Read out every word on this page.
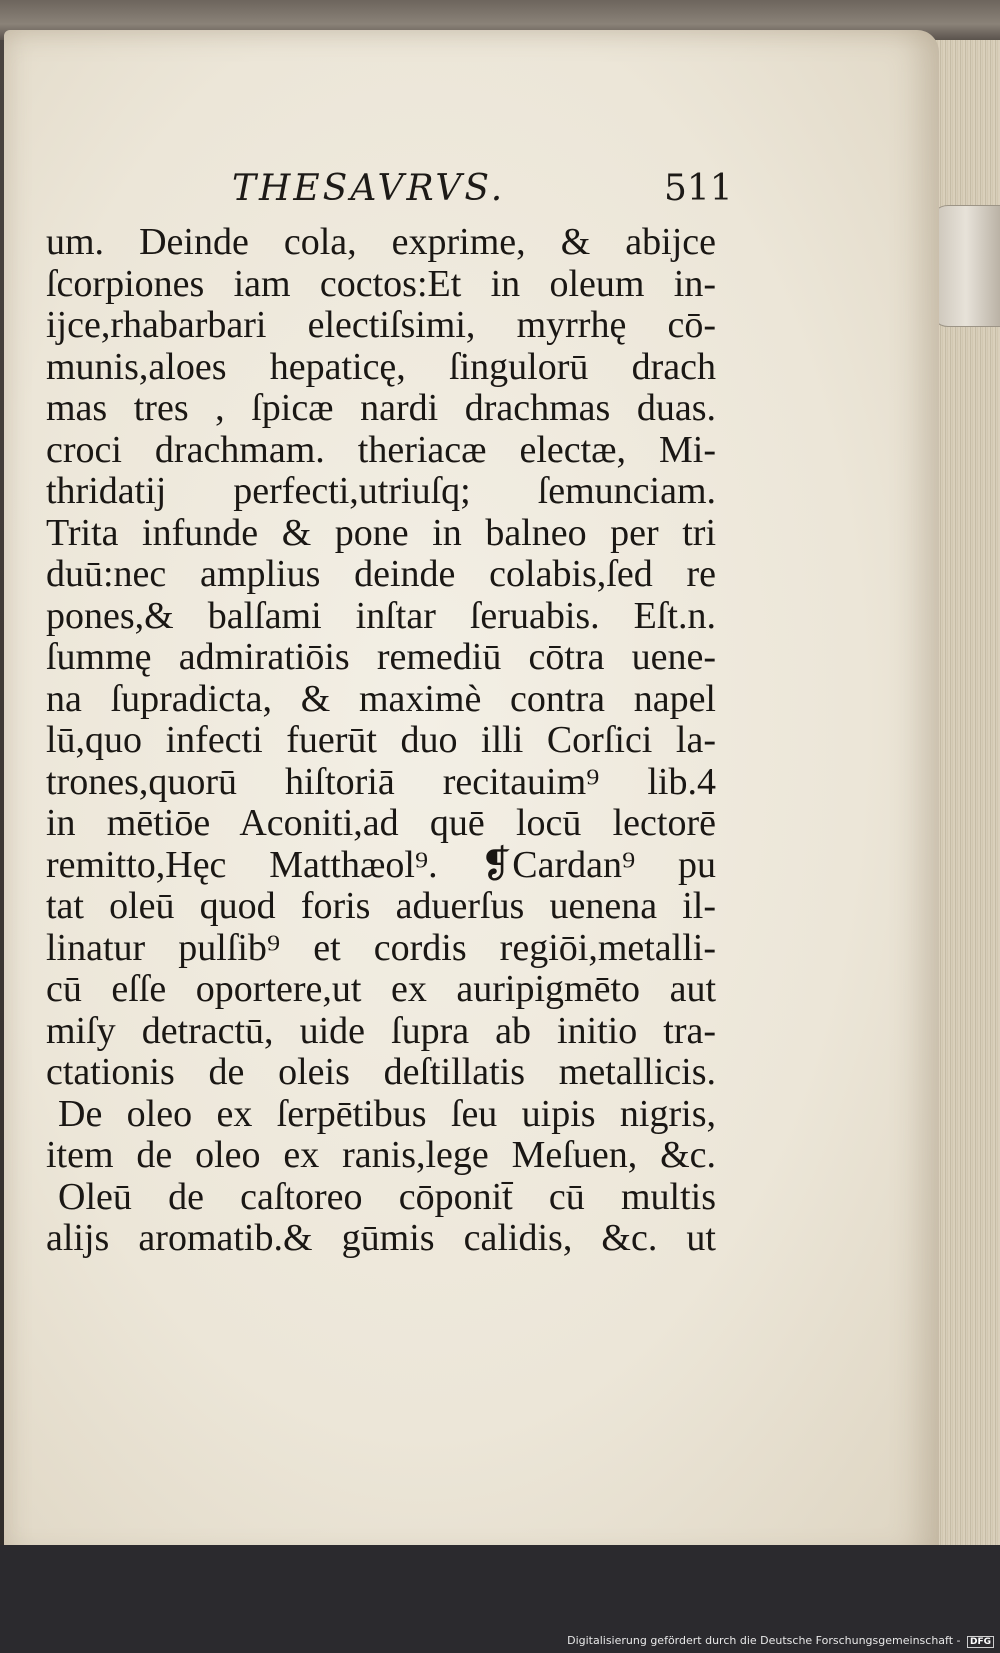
THESAVRVS.	511
um. Deinde cola, exprime, & abijce
ſcorpiones iam coctos:Et in oleum in-
ijce,rhabarbari electiſsimi, myrrhę cō-
munis,aloes hepaticę, ſingulorū drach
mas tres , ſpicæ nardi drachmas duas.
croci drachmam. theriacæ electæ, Mi-
thridatij perfecti,utriuſq; ſemunciam.
Trita infunde & pone in balneo per tri
duū:nec amplius deinde colabis,ſed re
pones,& balſami inſtar ſeruabis. Eſt.n.
ſummę admiratiōis remediū cōtra uene-
na ſupradicta, & maximè contra napel
lū,quo infecti fuerūt duo illi Corſici la-
trones,quorū hiſtoriā recitauim⁹ lib.4
in mētiōe Aconiti,ad quē locū lectorē
remitto,Hęc Matthæol⁹. ❡Cardan⁹ pu
tat oleū quod foris aduerſus uenena il-
linatur pulſib⁹ et cordis regiōi,metalli-
cū eſſe oportere,ut ex auripigmēto aut
miſy detractū, uide ſupra ab initio tra-
ctationis de oleis deſtillatis metallicis.
De oleo ex ſerpētibus ſeu uipis nigris,
item de oleo ex ranis,lege Meſuen, &c.
Oleū de caſtoreo cōponit̄ cū multis
alijs aromatib.& gūmis calidis, &c. ut
Digitalisierung gefördert durch die Deutsche Forschungsgemeinschaft - DFG
